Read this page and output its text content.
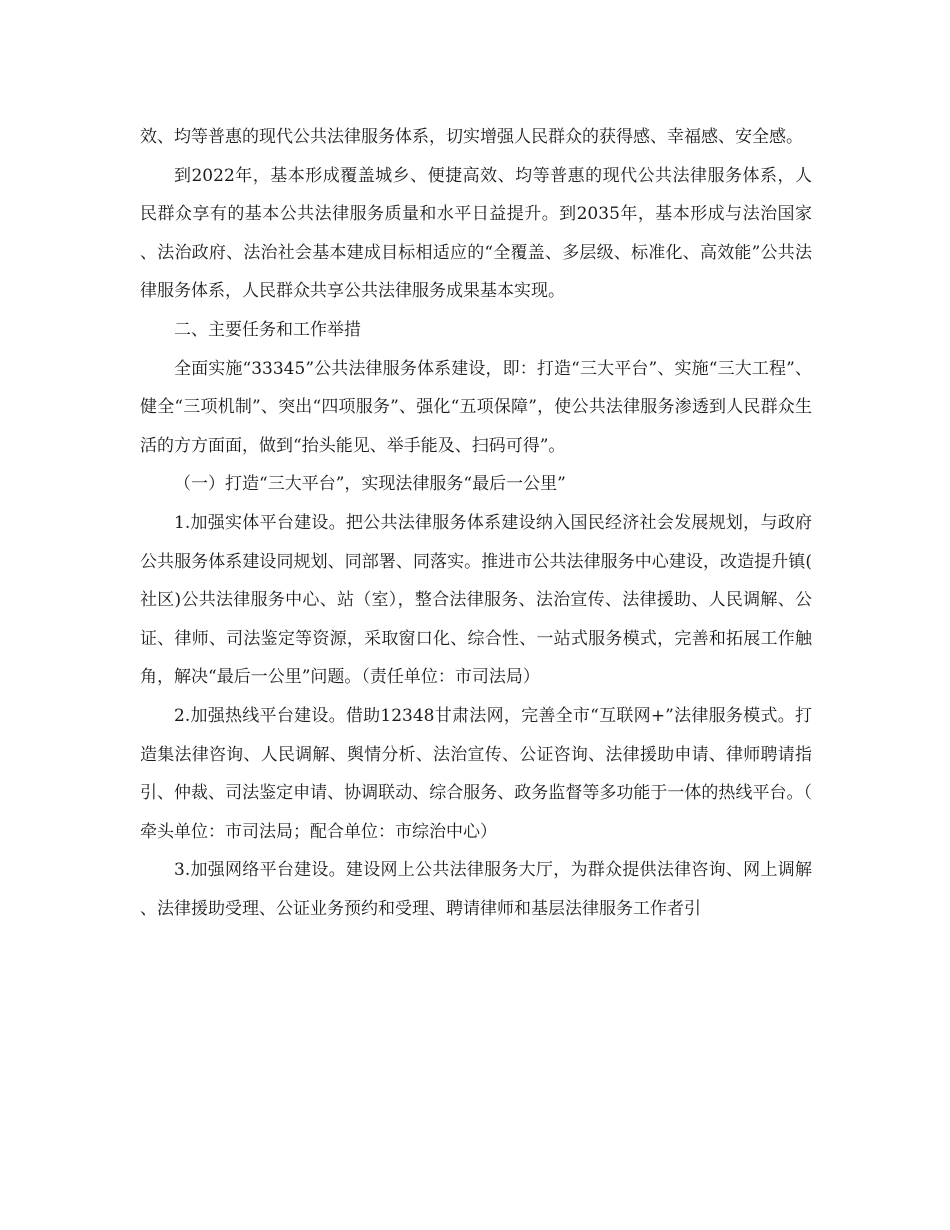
效、均等普惠的现代公共法律服务体系，切实增强人民群众的获得感、幸福感、安全感。

到2022年，基本形成覆盖城乡、便捷高效、均等普惠的现代公共法律服务体系，人民群众享有的基本公共法律服务质量和水平日益提升。到2035年，基本形成与法治国家、法治政府、法治社会基本建成目标相适应的“全覆盖、多层级、标准化、高效能”公共法律服务体系，人民群众共享公共法律服务成果基本实现。

二、主要任务和工作举措

全面实施“33345”公共法律服务体系建设，即：打造“三大平台”、实施“三大工程”、健全“三项机制”、突出“四项服务”、强化“五项保障”，使公共法律服务渗透到人民群众生活的方方面面，做到“抬头能见、举手能及、扫码可得”。

（一）打造“三大平台”，实现法律服务“最后一公里”

1.加强实体平台建设。把公共法律服务体系建设纳入国民经济社会发展规划，与政府公共服务体系建设同规划、同部署、同落实。推进市公共法律服务中心建设，改造提升镇(社区)公共法律服务中心、站（室），整合法律服务、法治宣传、法律援助、人民调解、公证、律师、司法鉴定等资源，采取窗口化、综合性、一站式服务模式，完善和拓展工作触角，解决“最后一公里”问题。（责任单位：市司法局）

2.加强热线平台建设。借助12348甘肃法网，完善全市“互联网+”法律服务模式。打造集法律咨询、人民调解、舆情分析、法治宣传、公证咨询、法律援助申请、律师聘请指引、仲裁、司法鉴定申请、协调联动、综合服务、政务监督等多功能于一体的热线平台。（牵头单位：市司法局；配合单位：市综治中心）

3.加强网络平台建设。建设网上公共法律服务大厅，为群众提供法律咨询、网上调解、法律援助受理、公证业务预约和受理、聘请律师和基层法律服务工作者引
